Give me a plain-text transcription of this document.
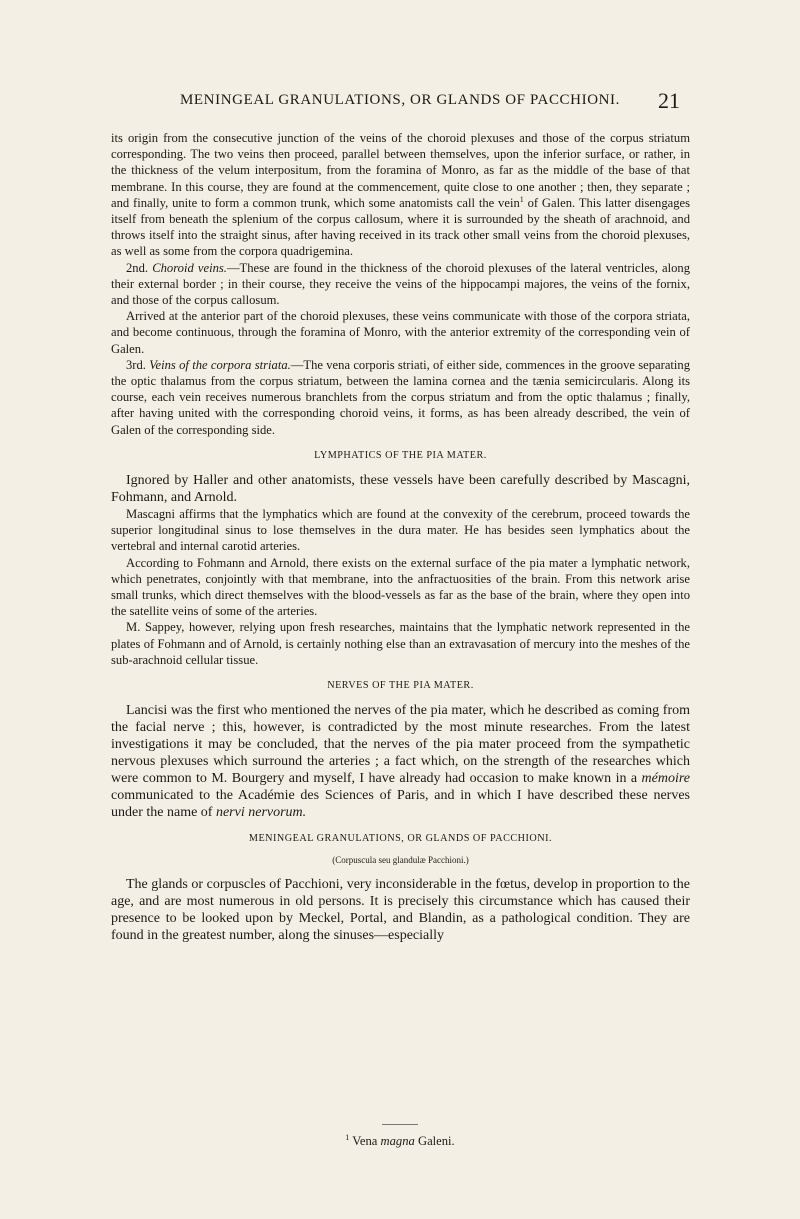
MENINGEAL GRANULATIONS, OR GLANDS OF PACCHIONI.	21

its origin from the consecutive junction of the veins of the choroid plexuses and those of the corpus striatum corresponding. The two veins then proceed, parallel between themselves, upon the inferior surface, or rather, in the thickness of the velum interpositum, from the foramina of Monro, as far as the middle of the base of that membrane. In this course, they are found at the commencement, quite close to one another ; then, they separate ; and finally, unite to form a common trunk, which some anatomists call the vein$^1$ of Galen. This latter disengages itself from beneath the splenium of the corpus callosum, where it is surrounded by the sheath of arachnoid, and throws itself into the straight sinus, after having received in its track other small veins from the choroid plexuses, as well as some from the corpora quadrigemina.

2nd. Choroid veins.—These are found in the thickness of the choroid plexuses of the lateral ventricles, along their external border ; in their course, they receive the veins of the hippocampi majores, the veins of the fornix, and those of the corpus callosum.

Arrived at the anterior part of the choroid plexuses, these veins communicate with those of the corpora striata, and become continuous, through the foramina of Monro, with the anterior extremity of the corresponding vein of Galen.

3rd. Veins of the corpora striata.—The vena corporis striati, of either side, commences in the groove separating the optic thalamus from the corpus striatum, between the lamina cornea and the tænia semicircularis. Along its course, each vein receives numerous branchlets from the corpus striatum and from the optic thalamus ; finally, after having united with the corresponding choroid veins, it forms, as has been already described, the vein of Galen of the corresponding side.

LYMPHATICS OF THE PIA MATER.

Ignored by Haller and other anatomists, these vessels have been carefully described by Mascagni, Fohmann, and Arnold.

Mascagni affirms that the lymphatics which are found at the convexity of the cerebrum, proceed towards the superior longitudinal sinus to lose themselves in the dura mater. He has besides seen lymphatics about the vertebral and internal carotid arteries.

According to Fohmann and Arnold, there exists on the external surface of the pia mater a lymphatic network, which penetrates, conjointly with that membrane, into the anfractuosities of the brain. From this network arise small trunks, which direct themselves with the blood-vessels as far as the base of the brain, where they open into the satellite veins of some of the arteries.

M. Sappey, however, relying upon fresh researches, maintains that the lymphatic network represented in the plates of Fohmann and of Arnold, is certainly nothing else than an extravasation of mercury into the meshes of the sub-arachnoid cellular tissue.

NERVES OF THE PIA MATER.

Lancisi was the first who mentioned the nerves of the pia mater, which he described as coming from the facial nerve ; this, however, is contradicted by the most minute researches. From the latest investigations it may be concluded, that the nerves of the pia mater proceed from the sympathetic nervous plexuses which surround the arteries ; a fact which, on the strength of the researches which were common to M. Bourgery and myself, I have already had occasion to make known in a mémoire communicated to the Académie des Sciences of Paris, and in which I have described these nerves under the name of nervi nervorum.

MENINGEAL GRANULATIONS, OR GLANDS OF PACCHIONI.
(Corpuscula seu glandulæ Pacchioni.)

The glands or corpuscles of Pacchioni, very inconsiderable in the fœtus, develop in proportion to the age, and are most numerous in old persons. It is precisely this circumstance which has caused their presence to be looked upon by Meckel, Portal, and Blandin, as a pathological condition. They are found in the greatest number, along the sinuses—especially

$^1$ Vena magna Galeni.
